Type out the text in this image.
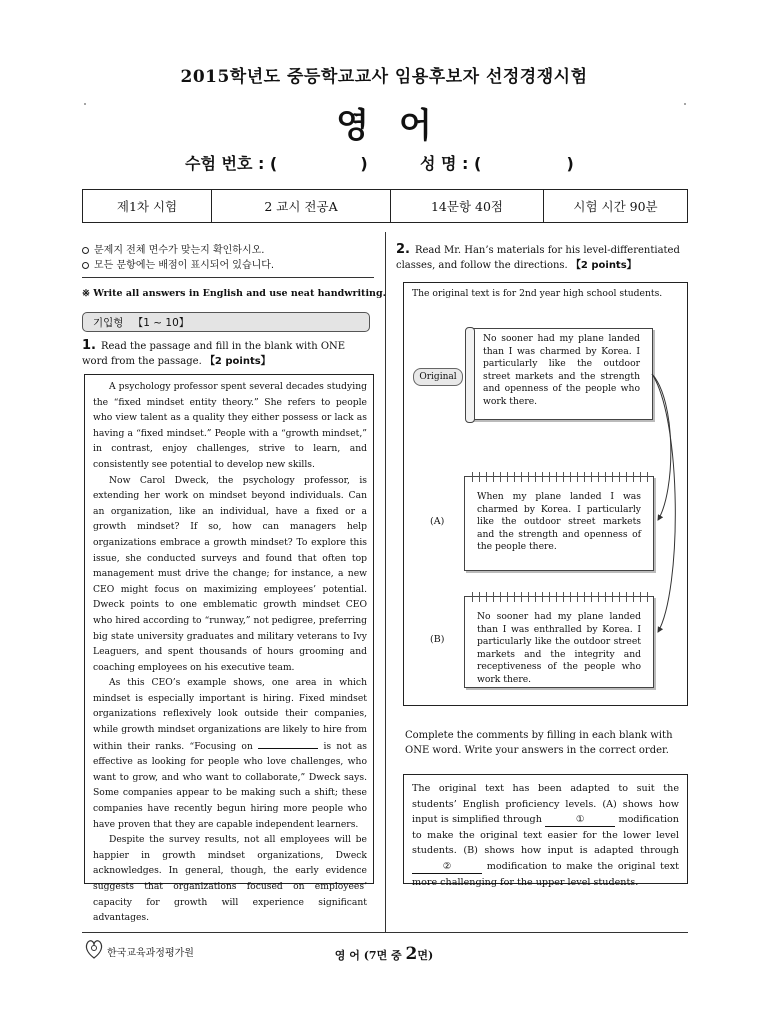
2015학년도 중등학교교사 임용후보자 선정경쟁시험
영어
수험 번호 : (	)	성 명 : (	)
제1차 시험	2 교시 전공A	14문항 40점	시험 시간 90분
문제지 전체 면수가 맞는지 확인하시오.
모든 문항에는 배점이 표시되어 있습니다.
※ Write all answers in English and use neat handwriting.
기입형 【1 ~ 10】
1. Read the passage and fill in the blank with ONE word from the passage. 【2 points】

A psychology professor spent several decades studying the “fixed mindset entity theory.” She refers to people who view talent as a quality they either possess or lack as having a “fixed mindset.” People with a “growth mindset,” in contrast, enjoy challenges, strive to learn, and consistently see potential to develop new skills.

Now Carol Dweck, the psychology professor, is extending her work on mindset beyond individuals. Can an organization, like an individual, have a fixed or a growth mindset? If so, how can managers help organizations embrace a growth mindset? To explore this issue, she conducted surveys and found that often top management must drive the change; for instance, a new CEO might focus on maximizing employees’ potential. Dweck points to one emblematic growth mindset CEO who hired according to “runway,” not pedigree, preferring big state university graduates and military veterans to Ivy Leaguers, and spent thousands of hours grooming and coaching employees on his executive team.

As this CEO’s example shows, one area in which mindset is especially important is hiring. Fixed mindset organizations reflexively look outside their companies, while growth mindset organizations are likely to hire from within their ranks. “Focusing on	is not as effective as looking for people who love challenges, who want to grow, and who want to collaborate,” Dweck says. Some companies appear to be making such a shift; these companies have recently begun hiring more people who have proven that they are capable independent learners.

Despite the survey results, not all employees will be happier in growth mindset organizations, Dweck acknowledges. In general, though, the early evidence suggests that organizations focused on employees’ capacity for growth will experience significant advantages.

2. Read Mr. Han’s materials for his level-differentiated classes, and follow the directions. 【2 points】
The original text is for 2nd year high school students.
Original
No sooner had my plane landed than I was charmed by Korea. I particularly like the outdoor street markets and the strength and openness of the people who work there.
(A)
When my plane landed I was charmed by Korea. I particularly like the outdoor street markets and the strength and openness of the people there.
(B)
No sooner had my plane landed than I was enthralled by Korea. I particularly like the outdoor street markets and the integrity and receptiveness of the people who work there.
Complete the comments by filling in each blank with ONE word. Write your answers in the correct order.
The original text has been adapted to suit the students’ English proficiency levels. (A) shows how input is simplified through	①	modification to make the original text easier for the lower level students. (B) shows how input is adapted through ②	modification to make the original text more challenging for the upper level students.
한국교육과정평가원	영 어 (7면 중 2면)
